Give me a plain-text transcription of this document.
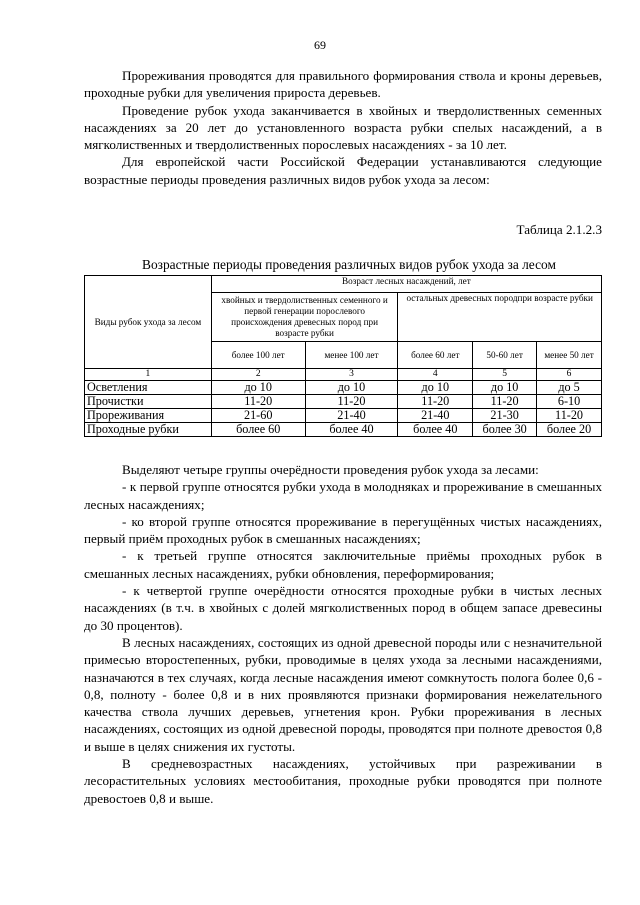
69
Прореживания проводятся для правильного формирования ствола и кроны деревьев, проходные рубки для увеличения прироста деревьев.
Проведение рубок ухода заканчивается в хвойных и твердолиственных семенных насаждениях за 20 лет до установленного возраста рубки спелых насаждений, а в мягколиственных и твердолиственных порослевых насаждениях - за 10 лет.
Для европейской части Российской Федерации устанавливаются следующие возрастные периоды проведения различных видов рубок ухода за лесом:
Таблица 2.1.2.3
Возрастные периоды проведения различных видов рубок ухода за лесом
Виды рубок ухода за лесом	Возраст лесных насаждений, лет				
	хвойных и твердолиственных семенного и первой генерации порослевого происхождения древесных пород при возрасте рубки		остальных древесных породпри возрасте рубки		
	более 100 лет	менее 100 лет	более 60 лет	50-60 лет	менее 50 лет
1	2	3	4	5	6
Осветления	до 10	до 10	до 10	до 10	до 5
Прочистки	11-20	11-20	11-20	11-20	6-10
Прореживания	21-60	21-40	21-40	21-30	11-20
Проходные рубки	более 60	более 40	более 40	более 30	более 20
Выделяют четыре группы очерёдности проведения рубок ухода за лесами:
- к первой группе относятся рубки ухода в молодняках и прореживание в смешанных лесных насаждениях;
- ко второй группе относятся прореживание в перегущённых чистых насаждениях, первый приём проходных рубок в смешанных насаждениях;
- к третьей группе относятся заключительные приёмы проходных рубок в смешанных лесных насаждениях, рубки обновления, переформирования;
- к четвертой группе очерёдности относятся проходные рубки в чистых лесных насаждениях (в т.ч. в хвойных с долей мягколиственных пород в общем запасе древесины до 30 процентов).
В лесных насаждениях, состоящих из одной древесной породы или с незначительной примесью второстепенных, рубки, проводимые в целях ухода за лесными насаждениями, назначаются в тех случаях, когда лесные насаждения имеют сомкнутость полога более 0,6 - 0,8, полноту - более 0,8 и в них проявляются признаки формирования нежелательного качества ствола лучших деревьев, угнетения крон. Рубки прореживания в лесных насаждениях, состоящих из одной древесной породы, проводятся при полноте древостоя 0,8 и выше в целях снижения их густоты.
В средневозрастных насаждениях, устойчивых при разреживании в лесорастительных условиях местообитания, проходные рубки проводятся при полноте древостоев 0,8 и выше.
